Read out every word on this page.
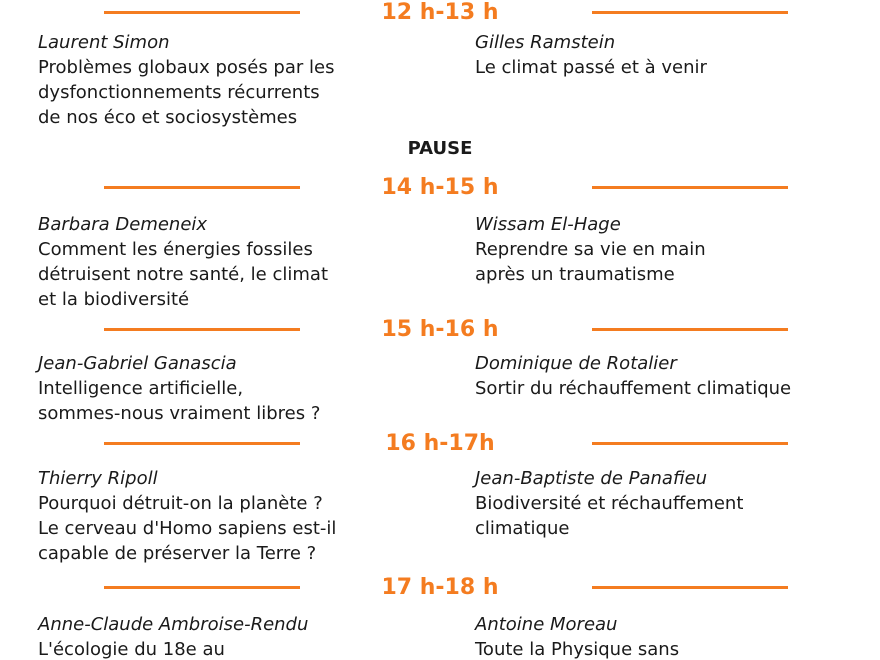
12 h-13 h
Laurent Simon
Problèmes globaux posés par les
dysfonctionnements récurrents
de nos éco et sociosystèmes
Gilles Ramstein
Le climat passé et à venir
PAUSE
14 h-15 h
Barbara Demeneix
Comment les énergies fossiles
détruisent notre santé, le climat
et la biodiversité
Wissam El-Hage
Reprendre sa vie en main
après un traumatisme
15 h-16 h
Jean-Gabriel Ganascia
Intelligence artificielle,
sommes-nous vraiment libres ?
Dominique de Rotalier
Sortir du réchauffement climatique
16 h-17h
Thierry Ripoll
Pourquoi détruit-on la planète ?
Le cerveau d'Homo sapiens est-il
capable de préserver la Terre ?
Jean-Baptiste de Panafieu
Biodiversité et réchauffement
climatique
17 h-18 h
Anne-Claude Ambroise-Rendu
L'écologie du 18e au
Antoine Moreau
Toute la Physique sans
